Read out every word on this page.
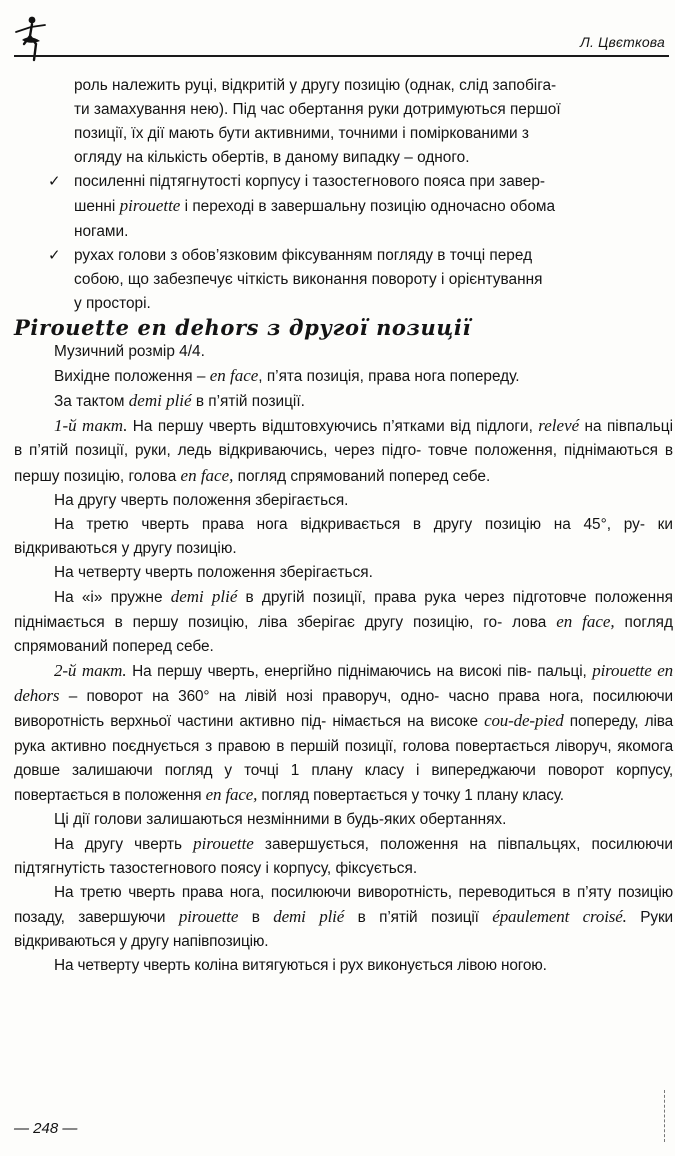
Л. Цвєткова
роль належить руці, відкритій у другу позицію (однак, слід запобіга-
ти замахування нею). Під час обертання руки дотримуються першої
позиції, їх дії мають бути активними, точними і поміркованими з
огляду на кількість обертів, в даному випадку – одного.
✓ посиленні підтягнутості корпусу і тазостегнового пояса при завер-
шенні pirouette і переході в завершальну позицію одночасно обома
ногами.
✓ рухах голови з обов’язковим фіксуванням погляду в точці перед
собою, що забезпечує чіткість виконання повороту і орієнтування
у просторі.

Pirouette en dehors з другої позиції

Музичний розмір 4/4.

Вихідне положення – en face, п’ята позиція, права нога попереду.

За тактом demi plié в п’ятій позиції.

1-й такт. На першу чверть відштовхуючись п’ятками від підлоги, relevé на півпальці в п’ятій позиції, руки, ледь відкриваючись, через підго- товче положення, піднімаються в першу позицію, голова en face, погляд спрямований поперед себе.

На другу чверть положення зберігається.

На третю чверть права нога відкривається в другу позицію на 45°, ру- ки відкриваються у другу позицію.

На четверту чверть положення зберігається.

На «і» пружне demi plié в другій позиції, права рука через підготовче положення піднімається в першу позицію, ліва зберігає другу позицію, го- лова en face, погляд спрямований поперед себе.

2-й такт. На першу чверть, енергійно піднімаючись на високі пів- пальці, pirouette en dehors – поворот на 360° на лівій нозі праворуч, одно- часно права нога, посилюючи виворотність верхньої частини активно під- німається на високе cou-de-pied попереду, ліва рука активно поєднується з правою в першій позиції, голова повертається ліворуч, якомога довше залишаючи погляд у точці 1 плану класу і випереджаючи поворот корпусу, повертається в положення en face, погляд повертається у точку 1 плану класу.

Ці дії голови залишаються незмінними в будь-яких обертаннях.

На другу чверть pirouette завершується, положення на півпальцях, посилюючи підтягнутість тазостегнового поясу і корпусу, фіксується.

На третю чверть права нога, посилюючи виворотність, переводиться в п’яту позицію позаду, завершуючи pirouette в demi plié в п’ятій позиції épaulement croisé. Руки відкриваються у другу напівпозицію.

На четверту чверть коліна витягуються і рух виконується лівою ногою.

— 248 —
